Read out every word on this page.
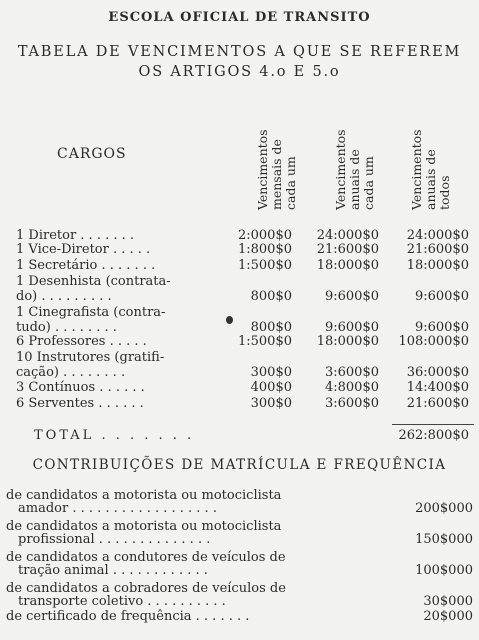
ESCOLA OFICIAL DE TRANSITO
TABELA DE VENCIMENTOS A QUE SE REFEREM
OS ARTIGOS 4.o E 5.o
CARGOS	Vencimentos mensais de cada um	Vencimentos anuais de cada um	Vencimentos anuais de todos
1 Diretor . . . . . . .	2:000$0 24:000$0 24:000$0
1 Vice-Diretor . . . . .	1:800$0 21:600$0 21:600$0
1 Secretário . . . . . . .	1:500$0 18:000$0 18:000$0
1 Desenhista (contrata-
do) . . . . . . . . .	800$0	9:600$0	9:600$0
1 Cinegrafista (contra-
tudo) . . . . . . . .	800$0	9:600$0	9:600$0
6 Professores . . . . .	1:500$0 18:000$0 108:000$0
10 Instrutores (gratifi-
cação) . . . . . . . .	300$0	3:600$0 36:000$0
3 Contínuos . . . . . .	400$0	4:800$0 14:400$0
6 Serventes . . . . . .	300$0	3:600$0 21:600$0
TOTAL . . . . . . .	262:800$0
CONTRIBUIÇÕES DE MATRÍCULA E FREQUÊNCIA
de candidatos a motorista ou motociclista
amador . . . . . . . . . . . . . . . . . .	200$000
de candidatos a motorista ou motociclista
profissional . . . . . . . . . . . . . .	150$000
de candidatos a condutores de veículos de
tração animal . . . . . . . . . . . .	100$000
de candidatos a cobradores de veículos de
transporte coletivo . . . . . . . . . .	30$000
de certificado de frequência . . . . . . .	20$000
